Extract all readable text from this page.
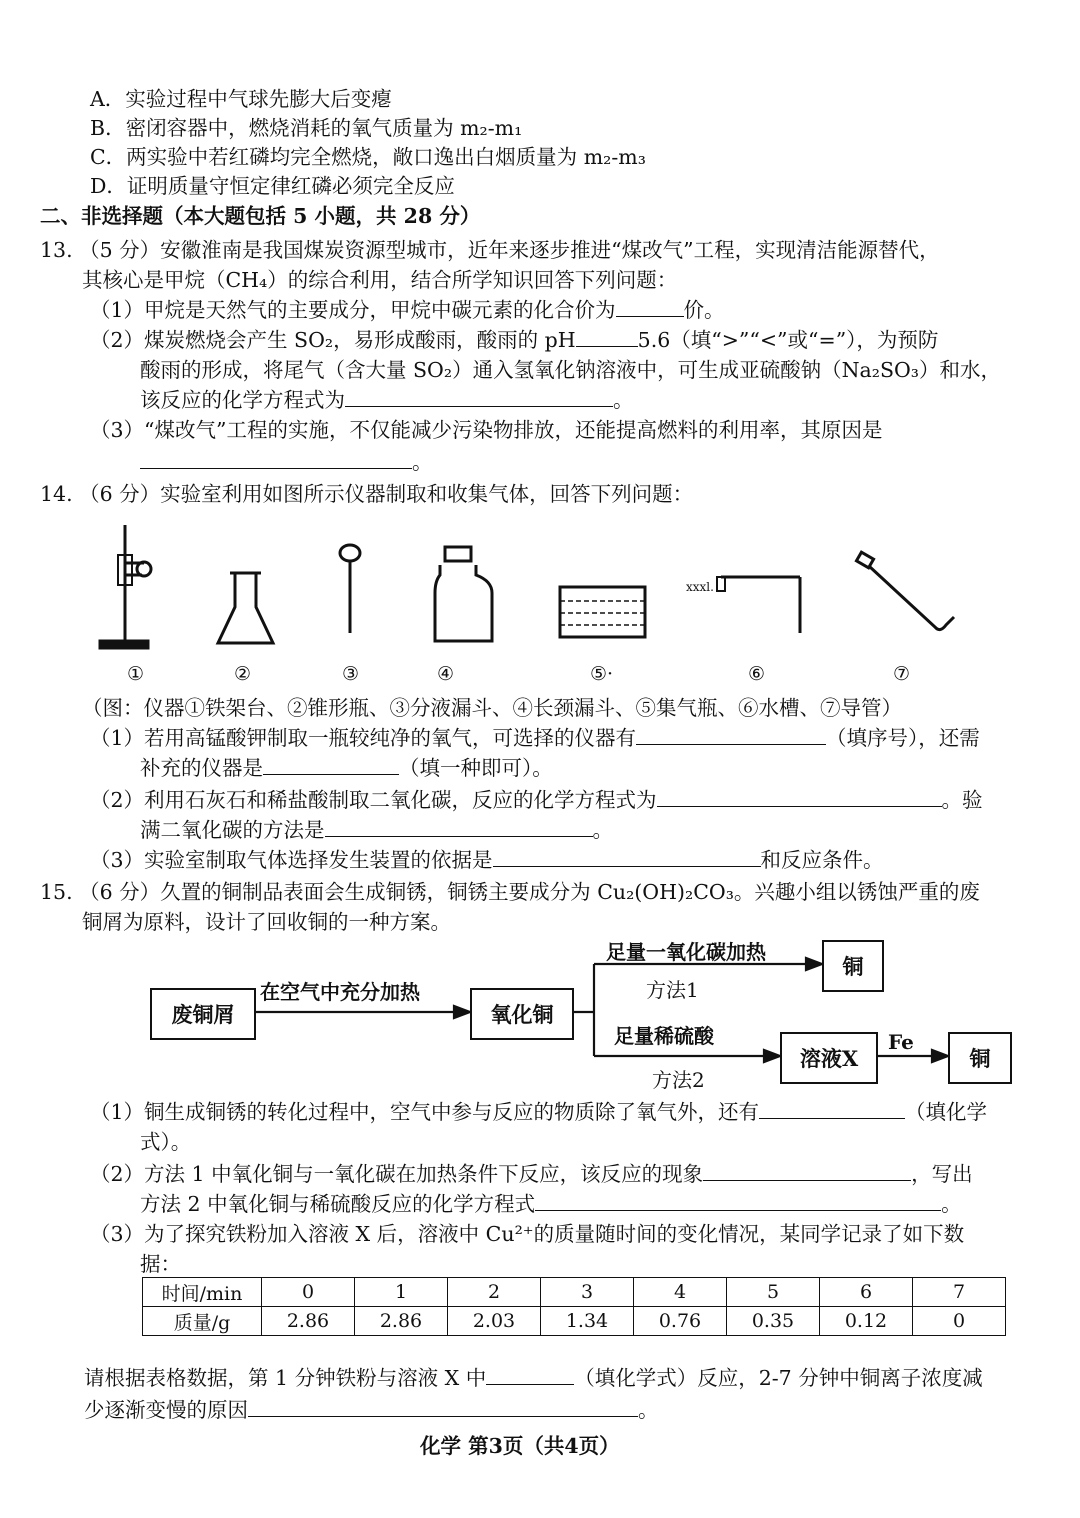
A．实验过程中气球先膨大后变瘪
B．密闭容器中，燃烧消耗的氧气质量为 m₂-m₁
C．两实验中若红磷均完全燃烧，敞口逸出白烟质量为 m₂-m₃
D．证明质量守恒定律红磷必须完全反应
二、非选择题（本大题包括 5 小题，共 28 分）
13. （5 分）安徽淮南是我国煤炭资源型城市，近年来逐步推进“煤改气”工程，实现清洁能源替代，
其核心是甲烷（CH₄）的综合利用，结合所学知识回答下列问题：
（1）甲烷是天然气的主要成分，甲烷中碳元素的化合价为	价。
（2）煤炭燃烧会产生 SO₂，易形成酸雨，酸雨的 pH	5.6（填“>”“<”或“=”），为预防
酸雨的形成，将尾气（含大量 SO₂）通入氢氧化钠溶液中，可生成亚硫酸钠（Na₂SO₃）和水，
该反应的化学方程式为	。
（3）“煤改气”工程的实施，不仅能减少污染物排放，还能提高燃料的利用率，其原因是
。
14. （6 分）实验室利用如图所示仪器制取和收集气体，回答下列问题：
xxxl.
①	②	③	④	⑤·	⑥	⑦
（图：仪器①铁架台、②锥形瓶、③分液漏斗、④长颈漏斗、⑤集气瓶、⑥水槽、⑦导管）
（1）若用高锰酸钾制取一瓶较纯净的氧气，可选择的仪器有	（填序号），还需
补充的仪器是	（填一种即可）。
（2）利用石灰石和稀盐酸制取二氧化碳，反应的化学方程式为	。验
满二氧化碳的方法是	。
（3）实验室制取气体选择发生装置的依据是	和反应条件。
15. （6 分）久置的铜制品表面会生成铜锈，铜锈主要成分为 Cu₂(OH)₂CO₃。兴趣小组以锈蚀严重的废
铜屑为原料，设计了回收铜的一种方案。
废铜屑
在空气中充分加热
氧化铜
足量一氧化碳加热
方法1
铜
足量稀硫酸
方法2
溶液X
Fe
铜
（1）铜生成铜锈的转化过程中，空气中参与反应的物质除了氧气外，还有	（填化学
式）。
（2）方法 1 中氧化铜与一氧化碳在加热条件下反应，该反应的现象	，写出
方法 2 中氧化铜与稀硫酸反应的化学方程式	。
（3）为了探究铁粉加入溶液 X 后，溶液中 Cu²⁺的质量随时间的变化情况，某同学记录了如下数
据：
时间/min	0	1	2	3	4	5	6	7
质量/g	2.86	2.86	2.03	1.34	0.76	0.35	0.12	0
请根据表格数据，第 1 分钟铁粉与溶液 X 中	（填化学式）反应，2-7 分钟中铜离子浓度减
少逐渐变慢的原因	。
化学 第3页（共4页）
